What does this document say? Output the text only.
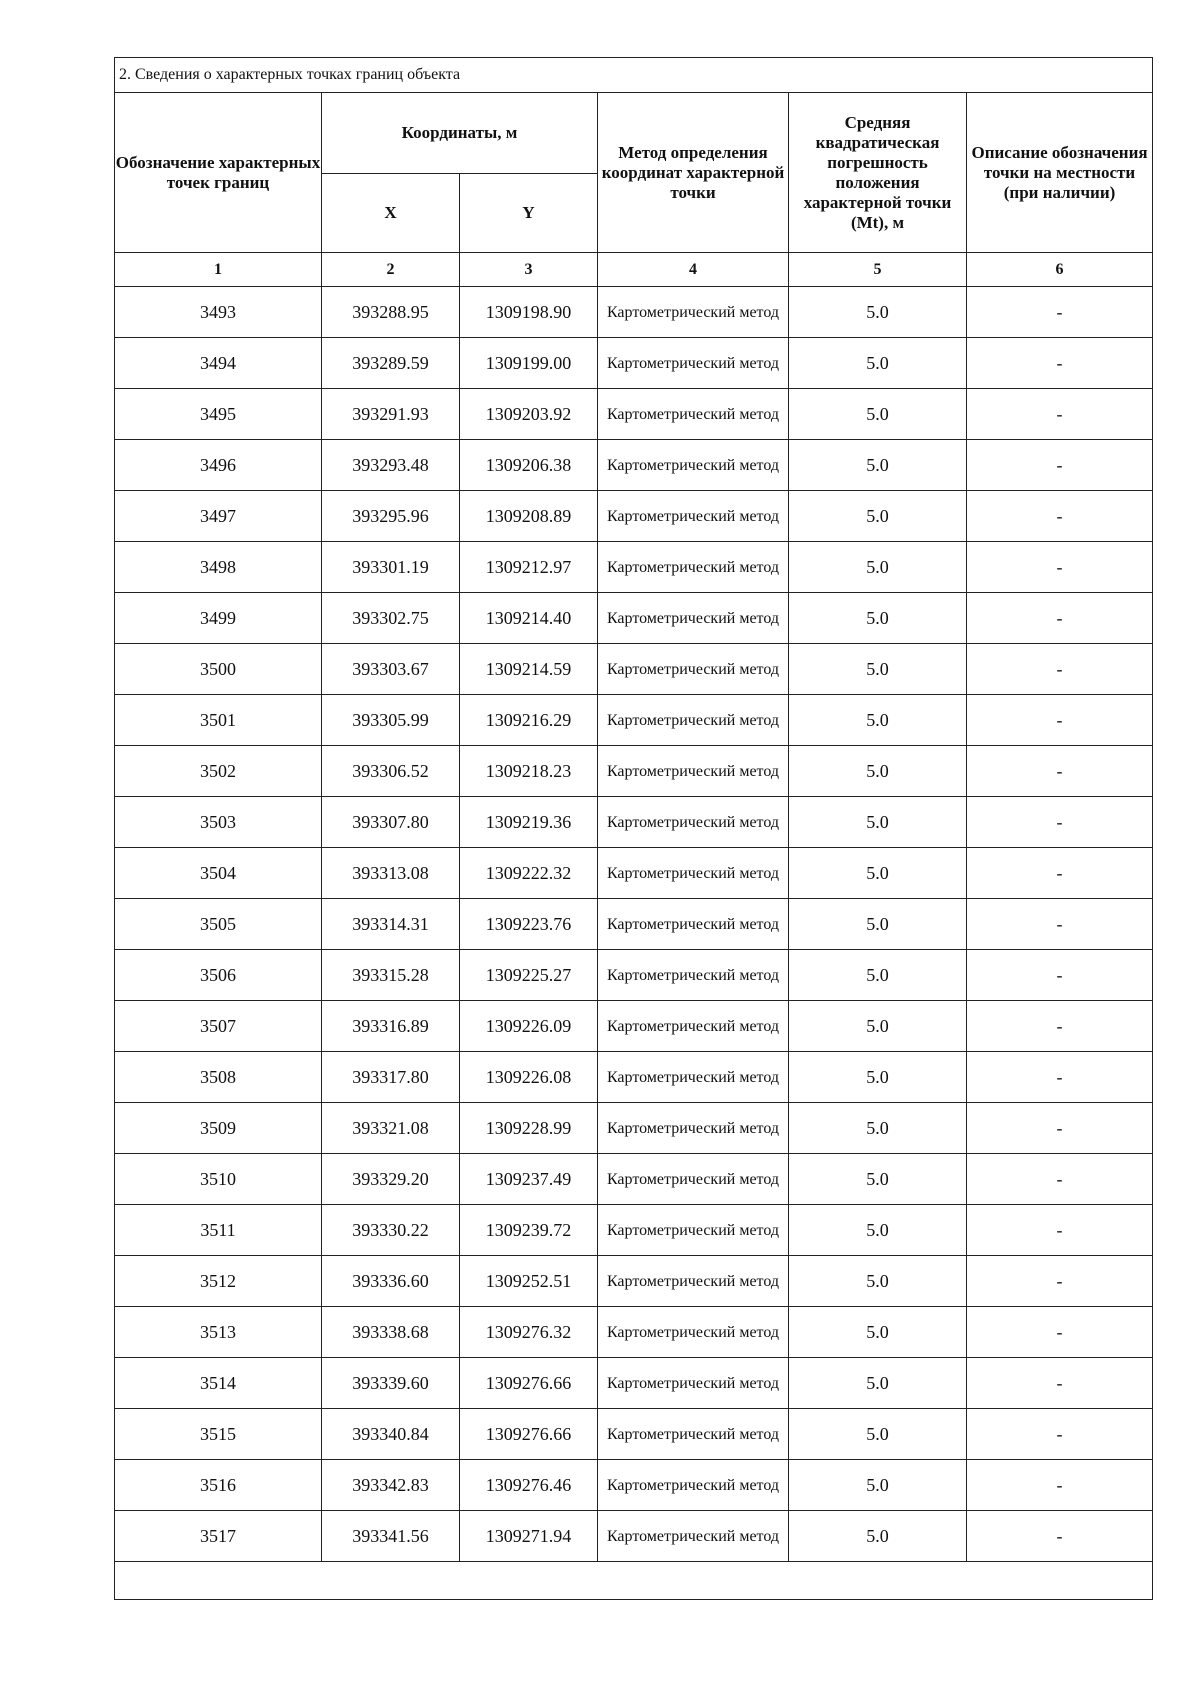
2. Сведения о характерных точках границ объекта					
Обозначение характерных точек границ	Координаты, м		Метод определения координат характерной точки	Средняя квадратическая погрешность положения характерной точки (Mt), м	Описание обозначения точки на местности (при наличии)
	X	Y			
1	2	3	4	5	6
3493	393288.95	1309198.90	Картометрический метод	5.0	-
3494	393289.59	1309199.00	Картометрический метод	5.0	-
3495	393291.93	1309203.92	Картометрический метод	5.0	-
3496	393293.48	1309206.38	Картометрический метод	5.0	-
3497	393295.96	1309208.89	Картометрический метод	5.0	-
3498	393301.19	1309212.97	Картометрический метод	5.0	-
3499	393302.75	1309214.40	Картометрический метод	5.0	-
3500	393303.67	1309214.59	Картометрический метод	5.0	-
3501	393305.99	1309216.29	Картометрический метод	5.0	-
3502	393306.52	1309218.23	Картометрический метод	5.0	-
3503	393307.80	1309219.36	Картометрический метод	5.0	-
3504	393313.08	1309222.32	Картометрический метод	5.0	-
3505	393314.31	1309223.76	Картометрический метод	5.0	-
3506	393315.28	1309225.27	Картометрический метод	5.0	-
3507	393316.89	1309226.09	Картометрический метод	5.0	-
3508	393317.80	1309226.08	Картометрический метод	5.0	-
3509	393321.08	1309228.99	Картометрический метод	5.0	-
3510	393329.20	1309237.49	Картометрический метод	5.0	-
3511	393330.22	1309239.72	Картометрический метод	5.0	-
3512	393336.60	1309252.51	Картометрический метод	5.0	-
3513	393338.68	1309276.32	Картометрический метод	5.0	-
3514	393339.60	1309276.66	Картометрический метод	5.0	-
3515	393340.84	1309276.66	Картометрический метод	5.0	-
3516	393342.83	1309276.46	Картометрический метод	5.0	-
3517	393341.56	1309271.94	Картометрический метод	5.0	-
